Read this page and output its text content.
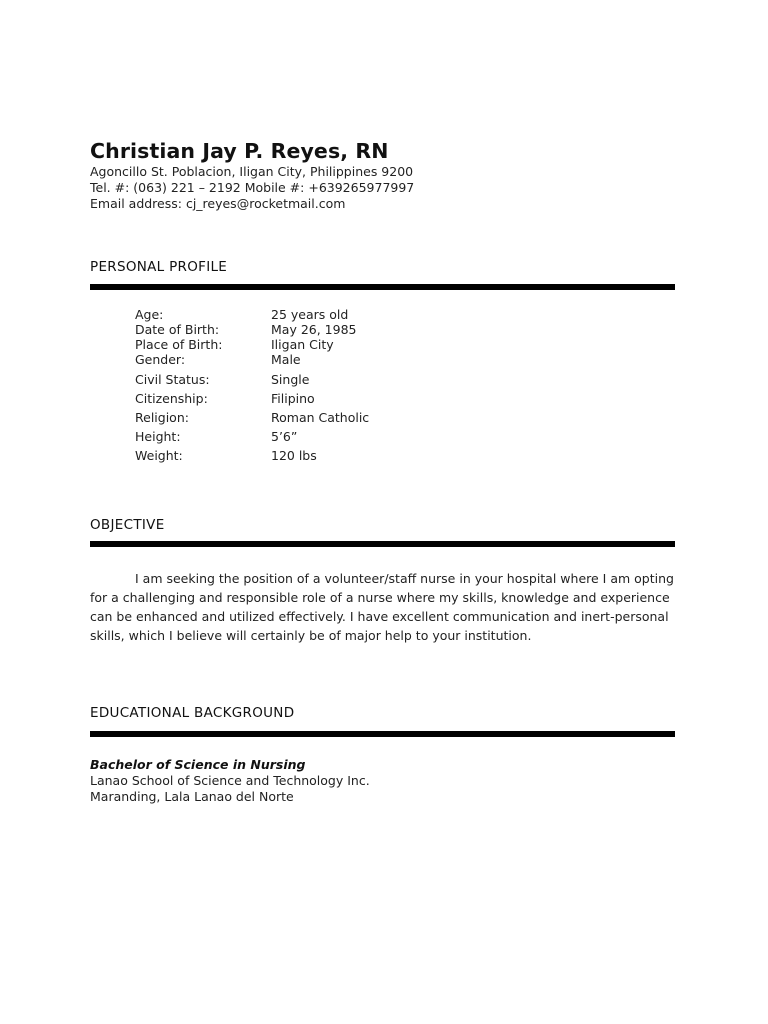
Christian Jay P. Reyes, RN
Agoncillo St. Poblacion, Iligan City, Philippines 9200
Tel. #: (063) 221 – 2192 Mobile #: +639265977997
Email address: cj_reyes@rocketmail.com
PERSONAL PROFILE
Age:	25 years old
Date of Birth:	May 26, 1985
Place of Birth:	Iligan City
Gender:	Male
Civil Status:	Single
Citizenship:	Filipino
Religion:	Roman Catholic
Height:	5’6”
Weight:	120 lbs
OBJECTIVE

I am seeking the position of a volunteer/staff nurse in your hospital where I am opting for a challenging and responsible role of a nurse where my skills, knowledge and experience can be enhanced and utilized effectively. I have excellent communication and inert-personal skills, which I believe will certainly be of major help to your institution.

EDUCATIONAL BACKGROUND
Bachelor of Science in Nursing
Lanao School of Science and Technology Inc.
Maranding, Lala Lanao del Norte
